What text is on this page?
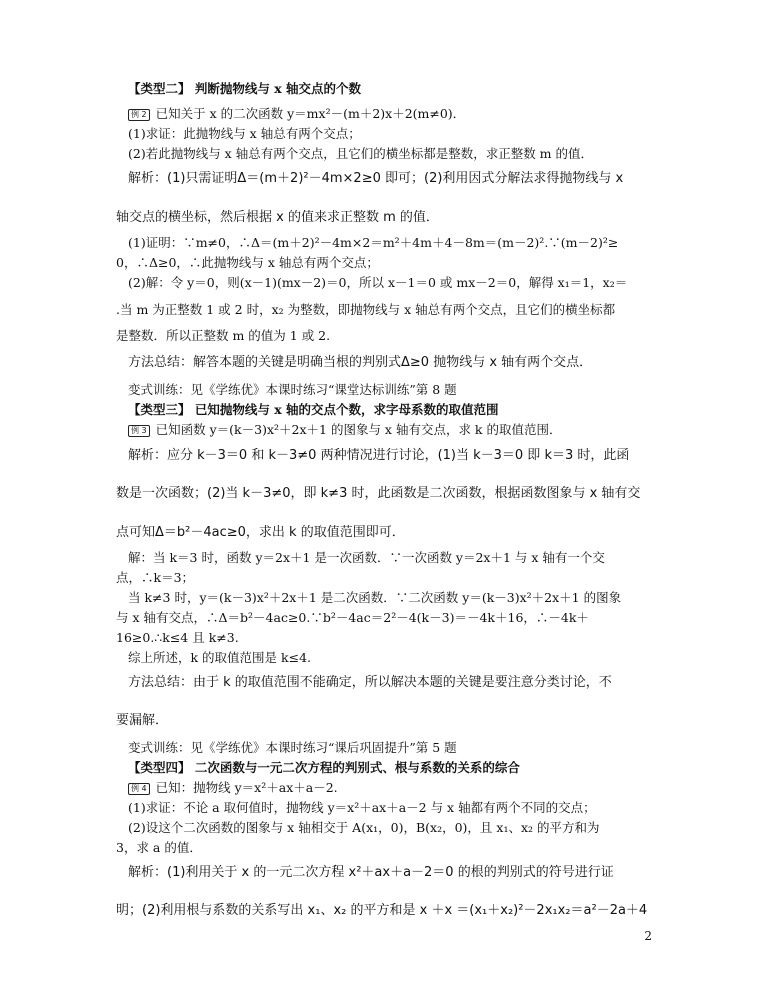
【类型二】 判断抛物线与 x 轴交点的个数
例 2 已知关于 x 的二次函数 y＝mx²－(m＋2)x＋2(m≠0)．
(1)求证：此抛物线与 x 轴总有两个交点；
(2)若此抛物线与 x 轴总有两个交点，且它们的横坐标都是整数，求正整数 m 的值．
解析：(1)只需证明Δ＝(m＋2)²－4m×2≥0 即可；(2)利用因式分解法求得抛物线与 x
轴交点的横坐标，然后根据 x 的值来求正整数 m 的值．
(1)证明：∵m≠0，∴Δ＝(m＋2)²－4m×2＝m²＋4m＋4－8m＝(m－2)².∵(m－2)²≥
0，∴Δ≥0，∴此抛物线与 x 轴总有两个交点；
(2)解：令 y＝0，则(x－1)(mx－2)＝0，所以 x－1＝0 或 mx－2＝0，解得 x₁＝1，x₂＝
.当 m 为正整数 1 或 2 时，x₂ 为整数，即抛物线与 x 轴总有两个交点，且它们的横坐标都
是整数．所以正整数 m 的值为 1 或 2.
方法总结：解答本题的关键是明确当根的判别式Δ≥0 抛物线与 x 轴有两个交点．
变式训练：见《学练优》本课时练习“课堂达标训练”第 8 题
【类型三】 已知抛物线与 x 轴的交点个数，求字母系数的取值范围
例 3 已知函数 y＝(k－3)x²＋2x＋1 的图象与 x 轴有交点，求 k 的取值范围．
解析：应分 k－3＝0 和 k－3≠0 两种情况进行讨论，(1)当 k－3＝0 即 k＝3 时，此函
数是一次函数；(2)当 k－3≠0，即 k≠3 时，此函数是二次函数，根据函数图象与 x 轴有交
点可知Δ＝b²－4ac≥0，求出 k 的取值范围即可．
解：当 k＝3 时，函数 y＝2x＋1 是一次函数．∵一次函数 y＝2x＋1 与 x 轴有一个交
点，∴k＝3；
当 k≠3 时，y＝(k－3)x²＋2x＋1 是二次函数．∵二次函数 y＝(k－3)x²＋2x＋1 的图象
与 x 轴有交点，∴Δ＝b²－4ac≥0.∵b²－4ac＝2²－4(k－3)＝－4k＋16，∴－4k＋
16≥0.∴k≤4 且 k≠3.
综上所述，k 的取值范围是 k≤4.
方法总结：由于 k 的取值范围不能确定，所以解决本题的关键是要注意分类讨论，不
要漏解．
变式训练：见《学练优》本课时练习“课后巩固提升”第 5 题
【类型四】 二次函数与一元二次方程的判别式、根与系数的关系的综合
例 4 已知：抛物线 y＝x²＋ax＋a－2.
(1)求证：不论 a 取何值时，抛物线 y＝x²＋ax＋a－2 与 x 轴都有两个不同的交点；
(2)设这个二次函数的图象与 x 轴相交于 A(x₁，0)，B(x₂，0)，且 x₁、x₂ 的平方和为
3，求 a 的值．
解析：(1)利用关于 x 的一元二次方程 x²＋ax＋a－2＝0 的根的判别式的符号进行证
明；(2)利用根与系数的关系写出 x₁、x₂ 的平方和是 x ＋x ＝(x₁＋x₂)²－2x₁x₂＝a²－2a＋4
2
